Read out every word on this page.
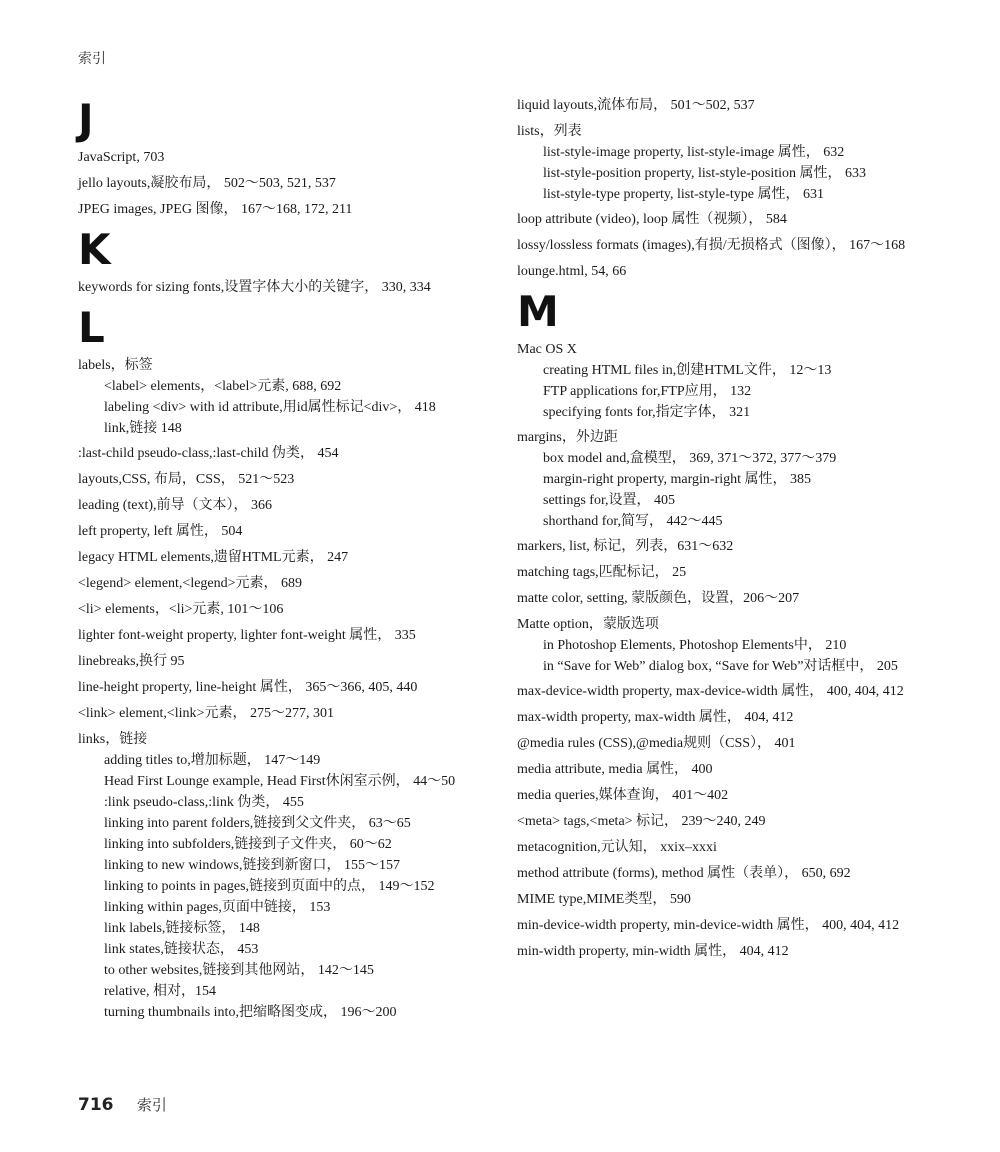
索引
J
JavaScript, 703
jello layouts,凝胶布局， 502～503, 521, 537
JPEG images, JPEG 图像， 167～168, 172, 211
K
keywords for sizing fonts,设置字体大小的关键字， 330, 334
L
labels，标签
<label> elements，<label>元素, 688, 692
labeling <div> with id attribute,用id属性标记<div>， 418
link,链接 148
:last-child pseudo-class,:last-child 伪类， 454
layouts,CSS, 布局，CSS， 521～523
leading (text),前导（文本）， 366
left property, left 属性， 504
legacy HTML elements,遗留HTML元素， 247
<legend> element,<legend>元素， 689
<li> elements，<li>元素, 101～106
lighter font-weight property, lighter font-weight 属性， 335
linebreaks,换行 95
line-height property, line-height 属性， 365～366, 405, 440
<link> element,<link>元素， 275～277, 301
links，链接
adding titles to,增加标题， 147～149
Head First Lounge example, Head First休闲室示例， 44～50
:link pseudo-class,:link 伪类， 455
linking into parent folders,链接到父文件夹， 63～65
linking into subfolders,链接到子文件夹， 60～62
linking to new windows,链接到新窗口， 155～157
linking to points in pages,链接到页面中的点， 149～152
linking within pages,页面中链接， 153
link labels,链接标签， 148
link states,链接状态， 453
to other websites,链接到其他网站， 142～145
relative, 相对，154
turning thumbnails into,把缩略图变成， 196～200
liquid layouts,流体布局， 501～502, 537
lists，列表
list-style-image property, list-style-image 属性， 632
list-style-position property, list-style-position 属性， 633
list-style-type property, list-style-type 属性， 631
loop attribute (video), loop 属性（视频）， 584
lossy/lossless formats (images),有损/无损格式（图像）， 167～168
lounge.html, 54, 66
M
Mac OS X
creating HTML files in,创建HTML文件， 12～13
FTP applications for,FTP应用， 132
specifying fonts for,指定字体， 321
margins，外边距
box model and,盒模型， 369, 371～372, 377～379
margin-right property, margin-right 属性， 385
settings for,设置， 405
shorthand for,简写， 442～445
markers, list, 标记，列表，631～632
matching tags,匹配标记， 25
matte color, setting, 蒙版颜色，设置，206～207
Matte option，蒙版选项
in Photoshop Elements, Photoshop Elements中， 210
in “Save for Web” dialog box, “Save for Web”对话框中， 205
max-device-width property, max-device-width 属性， 400, 404, 412
max-width property, max-width 属性， 404, 412
@media rules (CSS),@media规则（CSS）， 401
media attribute, media 属性， 400
media queries,媒体查询， 401～402
<meta> tags,<meta> 标记， 239～240, 249
metacognition,元认知， xxix–xxxi
method attribute (forms), method 属性（表单）， 650, 692
MIME type,MIME类型， 590
min-device-width property, min-device-width 属性， 400, 404, 412
min-width property, min-width 属性， 404, 412
716 索引
